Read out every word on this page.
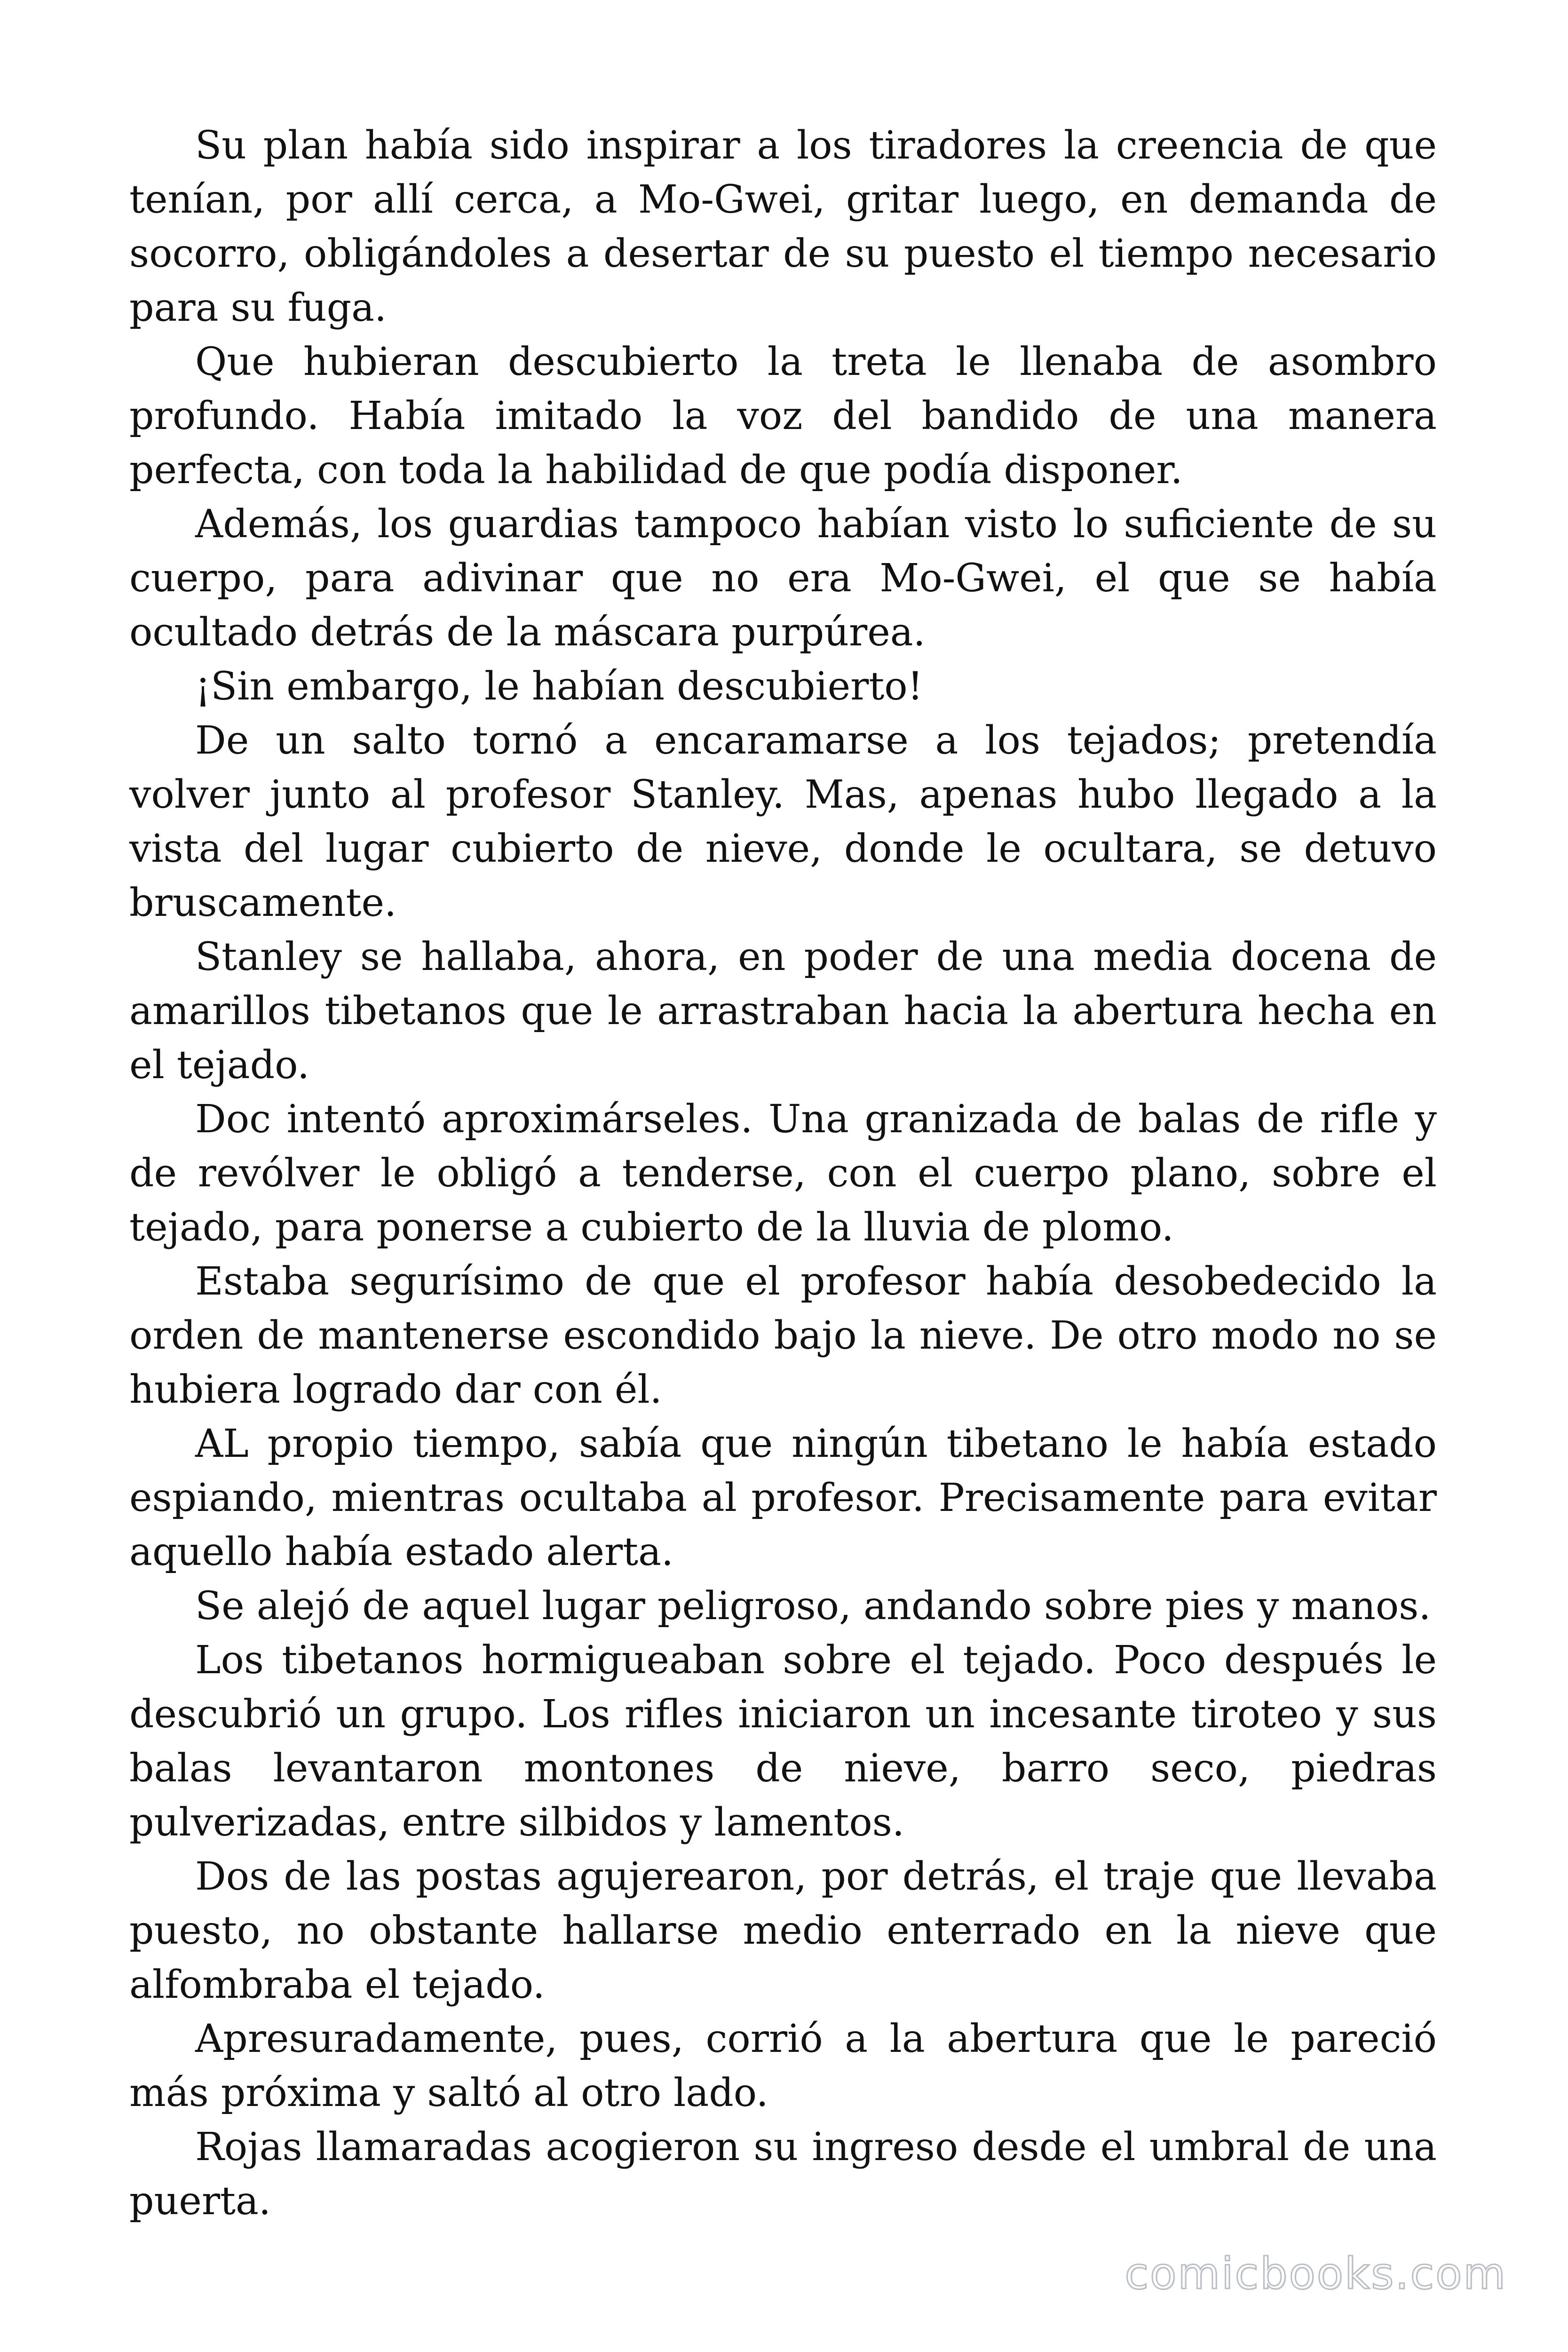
Su plan había sido inspirar a los tiradores la creencia de que tenían, por allí cerca, a Mo-Gwei, gritar luego, en demanda de socorro, obligándoles a desertar de su puesto el tiempo necesario para su fuga.

Que hubieran descubierto la treta le llenaba de asombro profundo. Había imitado la voz del bandido de una manera perfecta, con toda la habilidad de que podía disponer.

Además, los guardias tampoco habían visto lo suficiente de su cuerpo, para adivinar que no era Mo-Gwei, el que se había ocultado detrás de la máscara purpúrea.

¡Sin embargo, le habían descubierto!

De un salto tornó a encaramarse a los tejados; pretendía volver junto al profesor Stanley. Mas, apenas hubo llegado a la vista del lugar cubierto de nieve, donde le ocultara, se detuvo bruscamente.

Stanley se hallaba, ahora, en poder de una media docena de amarillos tibetanos que le arrastraban hacia la abertura hecha en el tejado.

Doc intentó aproximárseles. Una granizada de balas de rifle y de revólver le obligó a tenderse, con el cuerpo plano, sobre el tejado, para ponerse a cubierto de la lluvia de plomo.

Estaba segurísimo de que el profesor había desobedecido la orden de mantenerse escondido bajo la nieve. De otro modo no se hubiera logrado dar con él.

AL propio tiempo, sabía que ningún tibetano le había estado espiando, mientras ocultaba al profesor. Precisamente para evitar aquello había estado alerta.

Se alejó de aquel lugar peligroso, andando sobre pies y manos.

Los tibetanos hormigueaban sobre el tejado. Poco después le descubrió un grupo. Los rifles iniciaron un incesante tiroteo y sus balas levantaron montones de nieve, barro seco, piedras pulverizadas, entre silbidos y lamentos.

Dos de las postas agujerearon, por detrás, el traje que llevaba puesto, no obstante hallarse medio enterrado en la nieve que alfombraba el tejado.

Apresuradamente, pues, corrió a la abertura que le pareció más próxima y saltó al otro lado.

Rojas llamaradas acogieron su ingreso desde el umbral de una puerta.

comicbooks.com
